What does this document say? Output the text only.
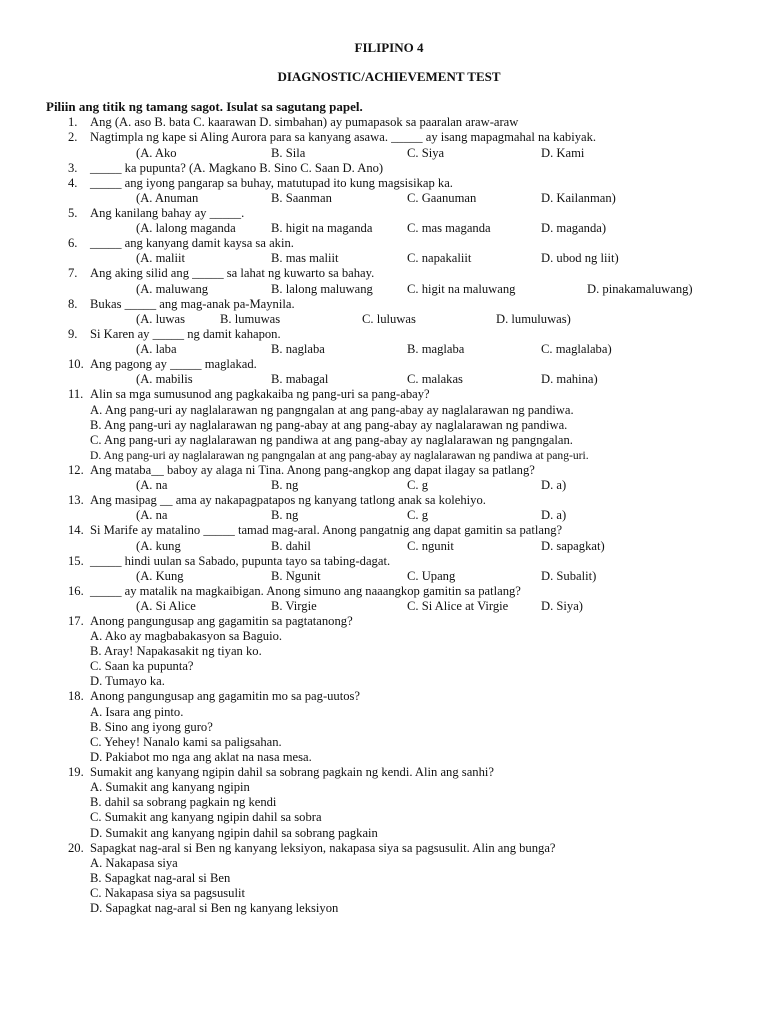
FILIPINO 4
DIAGNOSTIC/ACHIEVEMENT TEST
Piliin ang titik ng tamang sagot. Isulat sa sagutang papel.
1. Ang (A. aso B. bata C. kaarawan D. simbahan) ay pumapasok sa paaralan araw-araw
2. Nagtimpla ng kape si Aling Aurora para sa kanyang asawa. _____ ay isang mapagmahal na kabiyak.
(A. Ako	B. Sila	C. Siya	D. Kami
3. _____ ka pupunta? (A. Magkano B. Sino C. Saan D. Ano)
4. _____ ang iyong pangarap sa buhay, matutupad ito kung magsisikap ka.
(A. Anuman	B. Saanman	C. Gaanuman	D. Kailanman)
5. Ang kanilang bahay ay _____.
(A. lalong maganda	B. higit na maganda	C. mas maganda	D. maganda)
6. _____ ang kanyang damit kaysa sa akin.
(A. maliit	B. mas maliit	C. napakaliit	D. ubod ng liit)
7. Ang aking silid ang _____ sa lahat ng kuwarto sa bahay.
(A. maluwang	B. lalong maluwang	C. higit na maluwang	D. pinakamaluwang)
8. Bukas _____ ang mag-anak pa-Maynila.
(A. luwas	B. lumuwas	C. luluwas	D. lumuluwas)
9. Si Karen ay _____ ng damit kahapon.
(A. laba	B. naglaba	B. maglaba	C. maglalaba)
10. Ang pagong ay _____ maglakad.
(A. mabilis	B. mabagal	C. malakas	D. mahina)
11. Alin sa mga sumusunod ang pagkakaiba ng pang-uri sa pang-abay?
A. Ang pang-uri ay naglalarawan ng pangngalan at ang pang-abay ay naglalarawan ng pandiwa.
B. Ang pang-uri ay naglalarawan ng pang-abay at ang pang-abay ay naglalarawan ng pandiwa.
C. Ang pang-uri ay naglalarawan ng pandiwa at ang pang-abay ay naglalarawan ng pangngalan.
D. Ang pang-uri ay naglalarawan ng pangngalan at ang pang-abay ay naglalarawan ng pandiwa at pang-uri.
12. Ang mataba__ baboy ay alaga ni Tina. Anong pang-angkop ang dapat ilagay sa patlang?
(A. na	B. ng	C. g	D. a)
13. Ang masipag __ ama ay nakapagpatapos ng kanyang tatlong anak sa kolehiyo.
(A. na	B. ng	C. g	D. a)
14. Si Marife ay matalino _____ tamad mag-aral. Anong pangatnig ang dapat gamitin sa patlang?
(A. kung	B. dahil	C. ngunit	D. sapagkat)
15. _____ hindi uulan sa Sabado, pupunta tayo sa tabing-dagat.
(A. Kung	B. Ngunit	C. Upang	D. Subalit)
16. _____ ay matalik na magkaibigan. Anong simuno ang naaangkop gamitin sa patlang?
(A. Si Alice	B. Virgie	C. Si Alice at Virgie	D. Siya)
17. Anong pangungusap ang gagamitin sa pagtatanong?
A. Ako ay magbabakasyon sa Baguio.
B. Aray! Napakasakit ng tiyan ko.
C. Saan ka pupunta?
D. Tumayo ka.
18. Anong pangungusap ang gagamitin mo sa pag-uutos?
A. Isara ang pinto.
B. Sino ang iyong guro?
C. Yehey! Nanalo kami sa paligsahan.
D. Pakiabot mo nga ang aklat na nasa mesa.
19. Sumakit ang kanyang ngipin dahil sa sobrang pagkain ng kendi. Alin ang sanhi?
A. Sumakit ang kanyang ngipin
B. dahil sa sobrang pagkain ng kendi
C. Sumakit ang kanyang ngipin dahil sa sobra
D. Sumakit ang kanyang ngipin dahil sa sobrang pagkain
20. Sapagkat nag-aral si Ben ng kanyang leksiyon, nakapasa siya sa pagsusulit. Alin ang bunga?
A. Nakapasa siya
B. Sapagkat nag-aral si Ben
C. Nakapasa siya sa pagsusulit
D. Sapagkat nag-aral si Ben ng kanyang leksiyon
